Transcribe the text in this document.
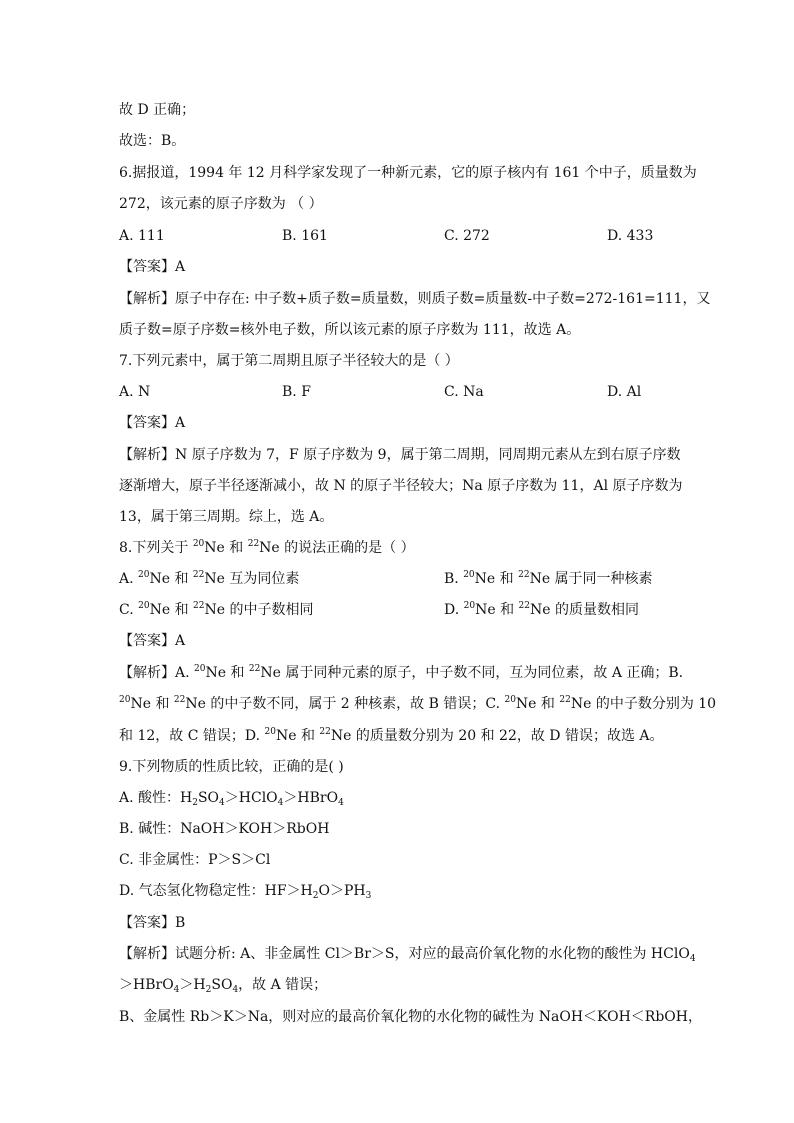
故 D 正确；
故选：B。
6.据报道，1994 年 12 月科学家发现了一种新元素，它的原子核内有 161 个中子，质量数为
272，该元素的原子序数为 （ ）
A. 111	B. 161	C. 272	D. 433
【答案】A
【解析】原子中存在: 中子数+质子数=质量数，则质子数=质量数-中子数=272-161=111，又
质子数=原子序数=核外电子数，所以该元素的原子序数为 111，故选 A。
7.下列元素中，属于第二周期且原子半径较大的是（ ）
A. N	B. F	C. Na	D. Al
【答案】A
【解析】N 原子序数为 7，F 原子序数为 9，属于第二周期，同周期元素从左到右原子序数
逐渐增大，原子半径逐渐减小，故 N 的原子半径较大；Na 原子序数为 11，Al 原子序数为
13，属于第三周期。综上，选 A。
8.下列关于 $^{20}$Ne 和 $^{22}$Ne 的说法正确的是（ ）
A. $^{20}$Ne 和 $^{22}$Ne 互为同位素	B. $^{20}$Ne 和 $^{22}$Ne 属于同一种核素
C. $^{20}$Ne 和 $^{22}$Ne 的中子数相同	D. $^{20}$Ne 和 $^{22}$Ne 的质量数相同
【答案】A
【解析】A. $^{20}$Ne 和 $^{22}$Ne 属于同种元素的原子，中子数不同，互为同位素，故 A 正确；B.
$^{20}$Ne 和 $^{22}$Ne 的中子数不同，属于 2 种核素，故 B 错误；C. $^{20}$Ne 和 $^{22}$Ne 的中子数分别为 10
和 12，故 C 错误；D. $^{20}$Ne 和 $^{22}$Ne 的质量数分别为 20 和 22，故 D 错误；故选 A。
9.下列物质的性质比较，正确的是( )
A. 酸性：$H_2SO_4>HClO_4>HBrO_4$
B. 碱性：NaOH＞KOH＞RbOH
C. 非金属性：P＞S＞Cl
D. 气态氢化物稳定性：$HF>H_2O>PH_3$
【答案】B
【解析】试题分析: A、非金属性 Cl＞Br＞S，对应的最高价氧化物的水化物的酸性为 HClO$_4$
$>HBrO_4>H_2SO_4$，故 A 错误；
B、金属性 Rb＞K＞Na，则对应的最高价氧化物的水化物的碱性为 NaOH＜KOH＜RbOH，
